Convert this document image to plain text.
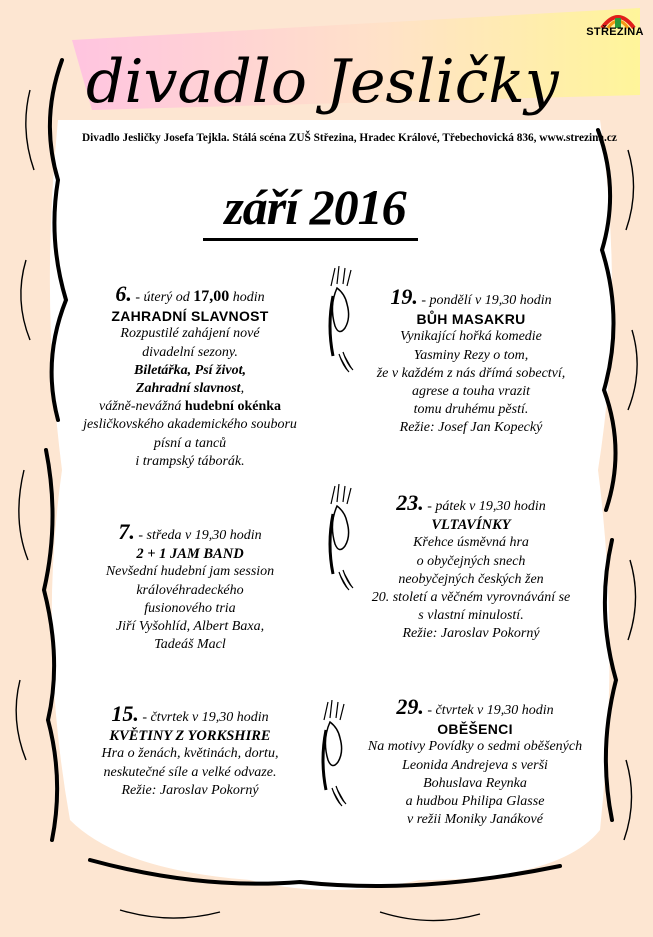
STŘEZINA
divadlo Jesličky
Divadlo Jesličky Josefa Tejkla. Stálá scéna ZUŠ Střezina, Hradec Králové, Třebechovická 836, www.strezina.cz
září 2016
6. - úterý od 17,00 hodin
ZAHRADNÍ SLAVNOST
Rozpustilé zahájení nové
divadelní sezony.
Biletářka, Psí život,
Zahradní slavnost,
vážně-nevážná hudební okénka
jesličkovského akademického souboru
písní a tanců
i trampský táborák.
7. - středa v 19,30 hodin
2 + 1 JAM BAND
Nevšední hudební jam session
královéhradeckého
fusionového tria
Jiří Vyšohlíd, Albert Baxa,
Tadeáš Macl
15. - čtvrtek v 19,30 hodin
KVĚTINY Z YORKSHIRE
Hra o ženách, květinách, dortu,
neskutečné síle a velké odvaze.
Režie: Jaroslav Pokorný
19. - pondělí v 19,30 hodin
BŮH MASAKRU
Vynikající hořká komedie
Yasminy Rezy o tom,
že v každém z nás dřímá sobectví,
agrese a touha vrazit
tomu druhému pěstí.
Režie: Josef Jan Kopecký
23. - pátek v 19,30 hodin
VLTAVÍNKY
Křehce úsměvná hra
o obyčejných snech
neobyčejných českých žen
20. století a věčném vyrovnávání se
s vlastní minulostí.
Režie: Jaroslav Pokorný
29. - čtvrtek v 19,30 hodin
OBĚŠENCI
Na motivy Povídky o sedmi oběšených
Leonida Andrejeva s verši
Bohuslava Reynka
a hudbou Philipa Glasse
v režii Moniky Janákové
